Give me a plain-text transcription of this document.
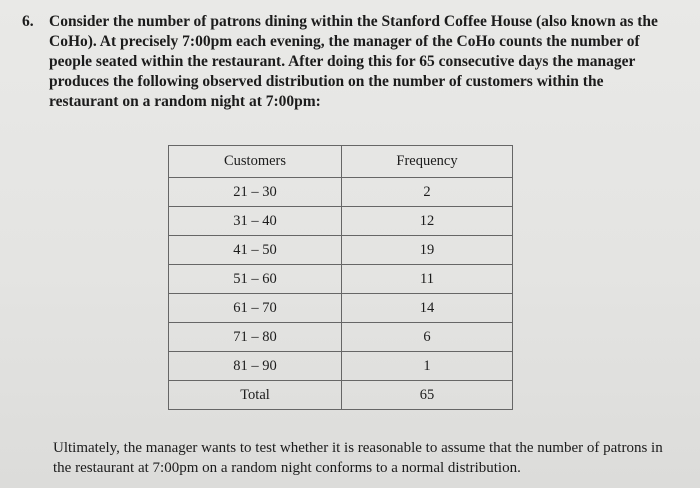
6. Consider the number of patrons dining within the Stanford Coffee House (also known as the CoHo). At precisely 7:00pm each evening, the manager of the CoHo counts the number of people seated within the restaurant. After doing this for 65 consecutive days the manager produces the following observed distribution on the number of customers within the restaurant on a random night at 7:00pm:
Customers	Frequency
21 – 30	2
31 – 40	12
41 – 50	19
51 – 60	11
61 – 70	14
71 – 80	6
81 – 90	1
Total	65
Ultimately, the manager wants to test whether it is reasonable to assume that the number of patrons in the restaurant at 7:00pm on a random night conforms to a normal distribution.
